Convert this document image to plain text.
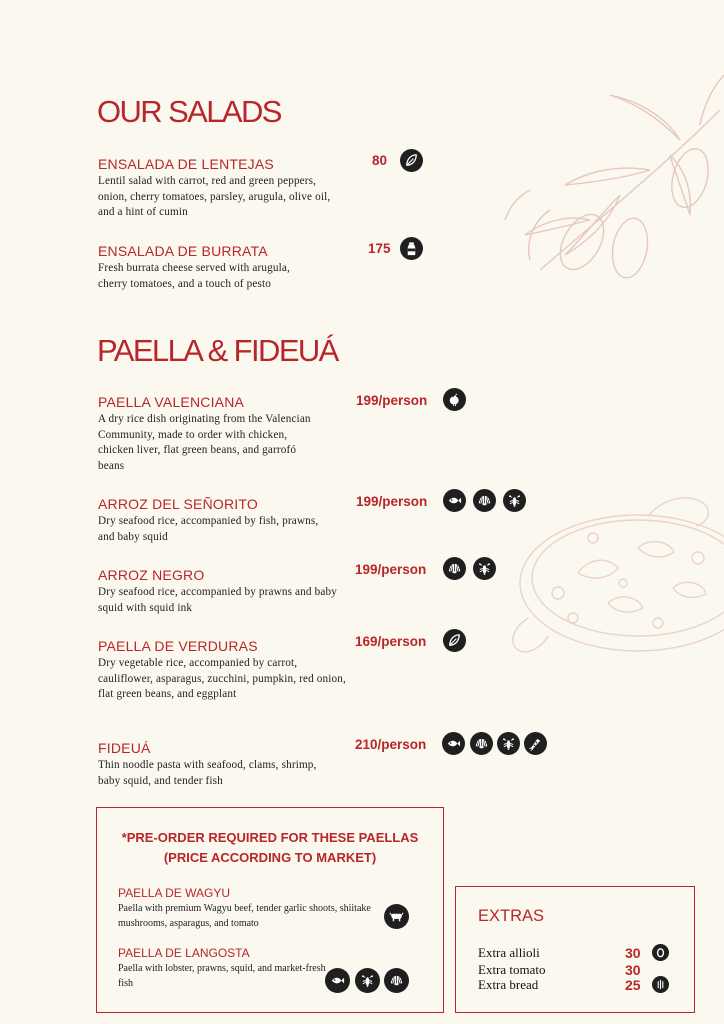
OUR SALADS

ENSALADA DE LENTEJAS

Lentil salad with carrot, red and green peppers, onion, cherry tomatoes, parsley, arugula, olive oil, and a hint of cumin

80

ENSALADA DE BURRATA

Fresh burrata cheese served with arugula, cherry tomatoes, and a touch of pesto

175
PAELLA & FIDEUÁ

PAELLA VALENCIANA

A dry rice dish originating from the Valencian Community, made to order with chicken, chicken liver, flat green beans, and garrofó beans

199/person

ARROZ DEL SEÑORITO

Dry seafood rice, accompanied by fish, prawns, and baby squid

199/person

ARROZ NEGRO

Dry seafood rice, accompanied by prawns and baby squid with squid ink

199/person

PAELLA DE VERDURAS

Dry vegetable rice, accompanied by carrot, cauliflower, asparagus, zucchini, pumpkin, red onion, flat green beans, and eggplant

169/person

FIDEUÁ

Thin noodle pasta with seafood, clams, shrimp, baby squid, and tender fish

210/person

*PRE-ORDER REQUIRED FOR THESE PAELLAS

(PRICE ACCORDING TO MARKET)

PAELLA DE WAGYU

Paella with premium Wagyu beef, tender garlic shoots, shiitake mushrooms, asparagus, and tomato

PAELLA DE LANGOSTA

Paella with lobster, prawns, squid, and market-fresh fish

EXTRAS
Extra allioli	30
Extra tomato	30
Extra bread	25
